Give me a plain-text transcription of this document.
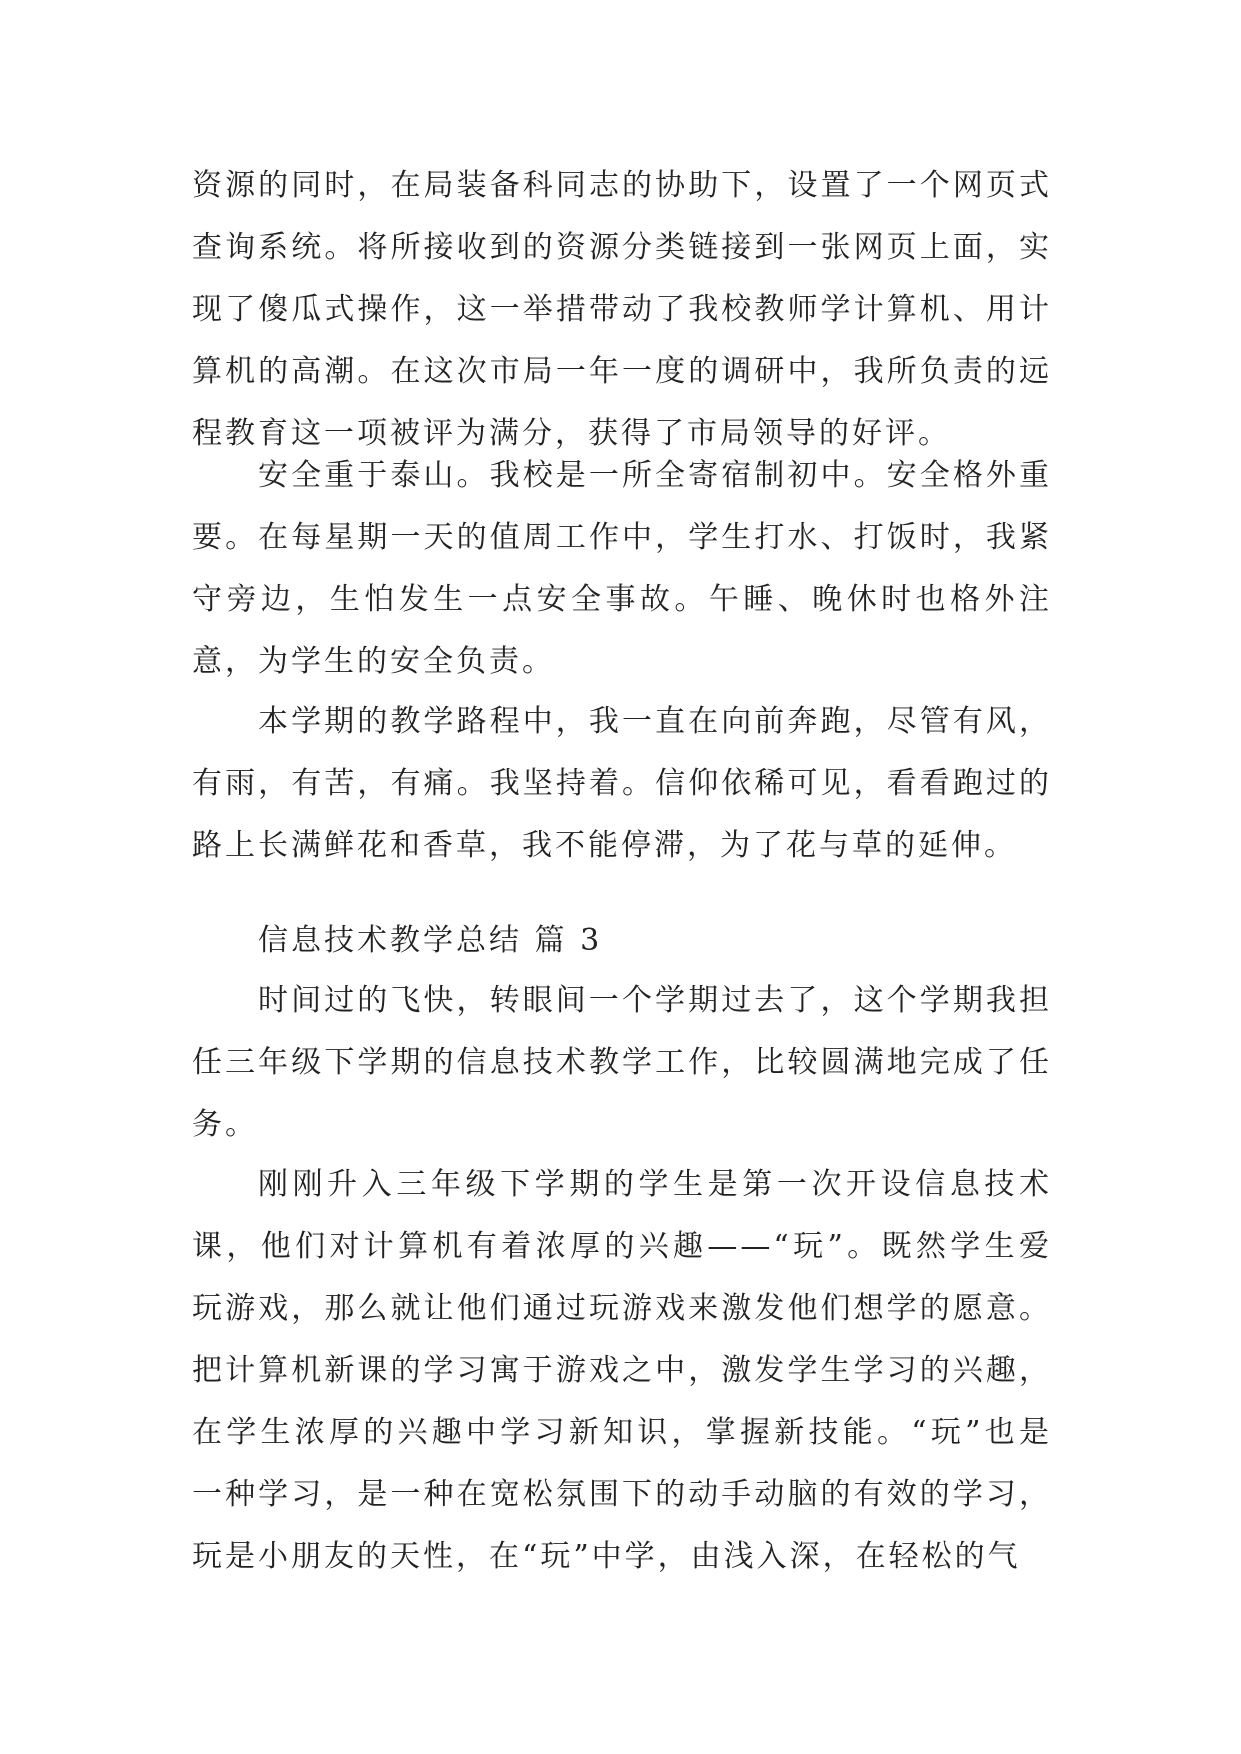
资源的同时，在局装备科同志的协助下，设置了一个网页式查询系统。将所接收到的资源分类链接到一张网页上面，实现了傻瓜式操作，这一举措带动了我校教师学计算机、用计算机的高潮。在这次市局一年一度的调研中，我所负责的远程教育这一项被评为满分，获得了市局领导的好评。

安全重于泰山。我校是一所全寄宿制初中。安全格外重要。在每星期一天的值周工作中，学生打水、打饭时，我紧守旁边，生怕发生一点安全事故。午睡、晚休时也格外注意，为学生的安全负责。

本学期的教学路程中，我一直在向前奔跑，尽管有风，有雨，有苦，有痛。我坚持着。信仰依稀可见，看看跑过的路上长满鲜花和香草，我不能停滞，为了花与草的延伸。

信息技术教学总结 篇 3

时间过的飞快，转眼间一个学期过去了，这个学期我担任三年级下学期的信息技术教学工作，比较圆满地完成了任务。

刚刚升入三年级下学期的学生是第一次开设信息技术课，他们对计算机有着浓厚的兴趣——“玩”。既然学生爱玩游戏，那么就让他们通过玩游戏来激发他们想学的愿意。把计算机新课的学习寓于游戏之中，激发学生学习的兴趣，在学生浓厚的兴趣中学习新知识，掌握新技能。“玩”也是一种学习，是一种在宽松氛围下的动手动脑的有效的学习，玩是小朋友的天性，在“玩”中学，由浅入深，在轻松的气
